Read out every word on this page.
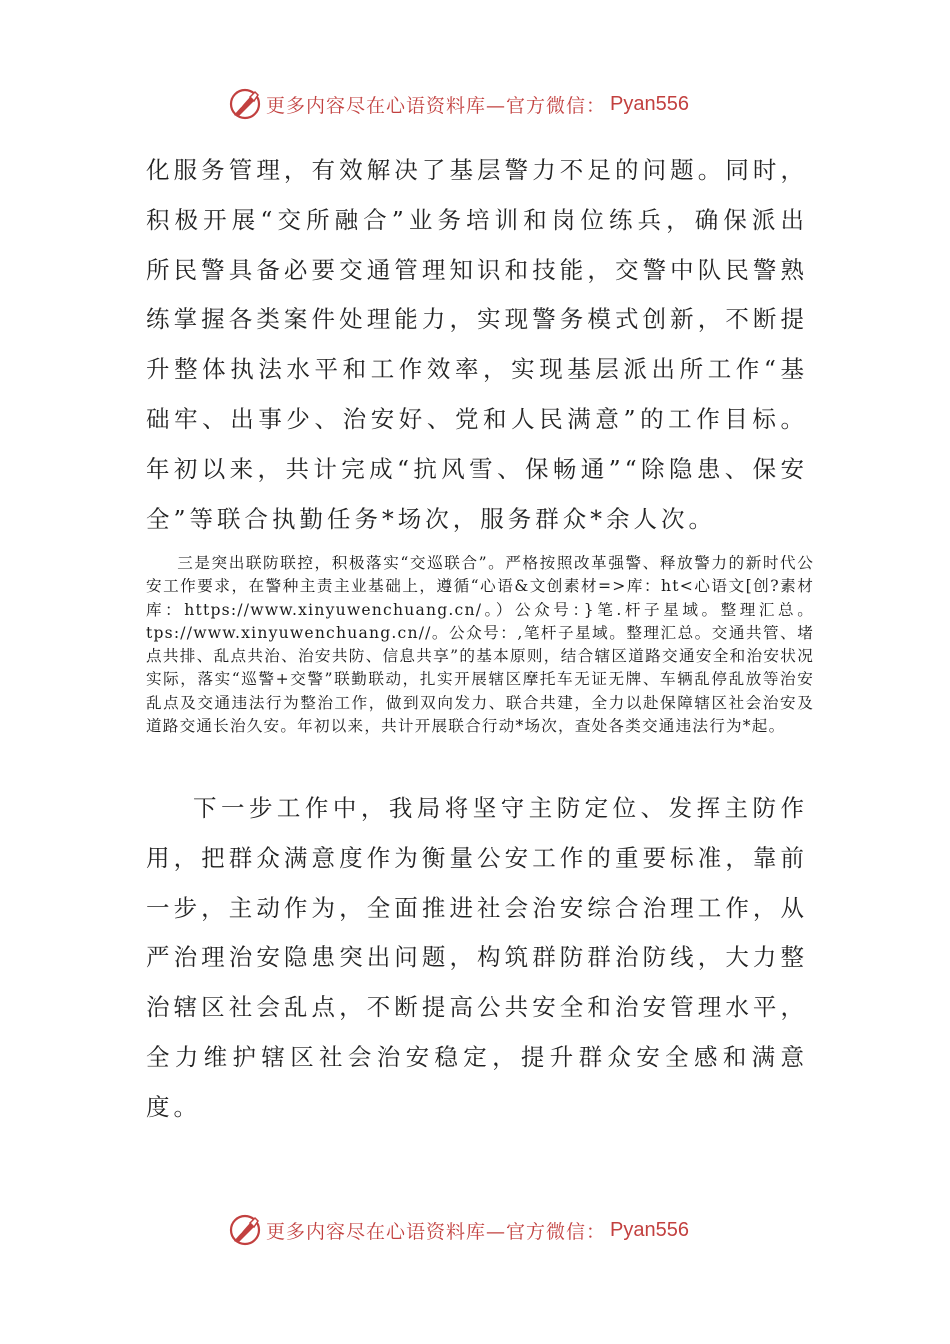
更多内容尽在心语资料库—官方微信： Pyan556

化服务管理，有效解决了基层警力不足的问题。同时，积极开展“交所融合”业务培训和岗位练兵，确保派出所民警具备必要交通管理知识和技能，交警中队民警熟练掌握各类案件处理能力，实现警务模式创新，不断提升整体执法水平和工作效率，实现基层派出所工作“基础牢、出事少、治安好、党和人民满意”的工作目标。年初以来，共计完成“抗风雪、保畅通”“除隐患、保安全”等联合执勤任务*场次，服务群众*余人次。

三是突出联防联控，积极落实“交巡联合”。严格按照改革强警、释放警力的新时代公安工作要求，在警种主责主业基础上，遵循“心语&文创素材=>库：ht<心语文[创?素材库：https://www.xinyuwenchuang.cn/。）公众号：}笔.杆子星域。整理汇总。tps://www.xinyuwenchuang.cn//。公众号：,笔杆子星域。整理汇总。交通共管、堵点共排、乱点共治、治安共防、信息共享”的基本原则，结合辖区道路交通安全和治安状况实际，落实“巡警+交警”联勤联动，扎实开展辖区摩托车无证无牌、车辆乱停乱放等治安乱点及交通违法行为整治工作，做到双向发力、联合共建，全力以赴保障辖区社会治安及道路交通长治久安。年初以来，共计开展联合行动*场次，查处各类交通违法行为*起。

下一步工作中，我局将坚守主防定位、发挥主防作用，把群众满意度作为衡量公安工作的重要标准，靠前一步，主动作为，全面推进社会治安综合治理工作，从严治理治安隐患突出问题，构筑群防群治防线，大力整治辖区社会乱点，不断提高公共安全和治安管理水平，全力维护辖区社会治安稳定，提升群众安全感和满意度。

更多内容尽在心语资料库—官方微信： Pyan556
